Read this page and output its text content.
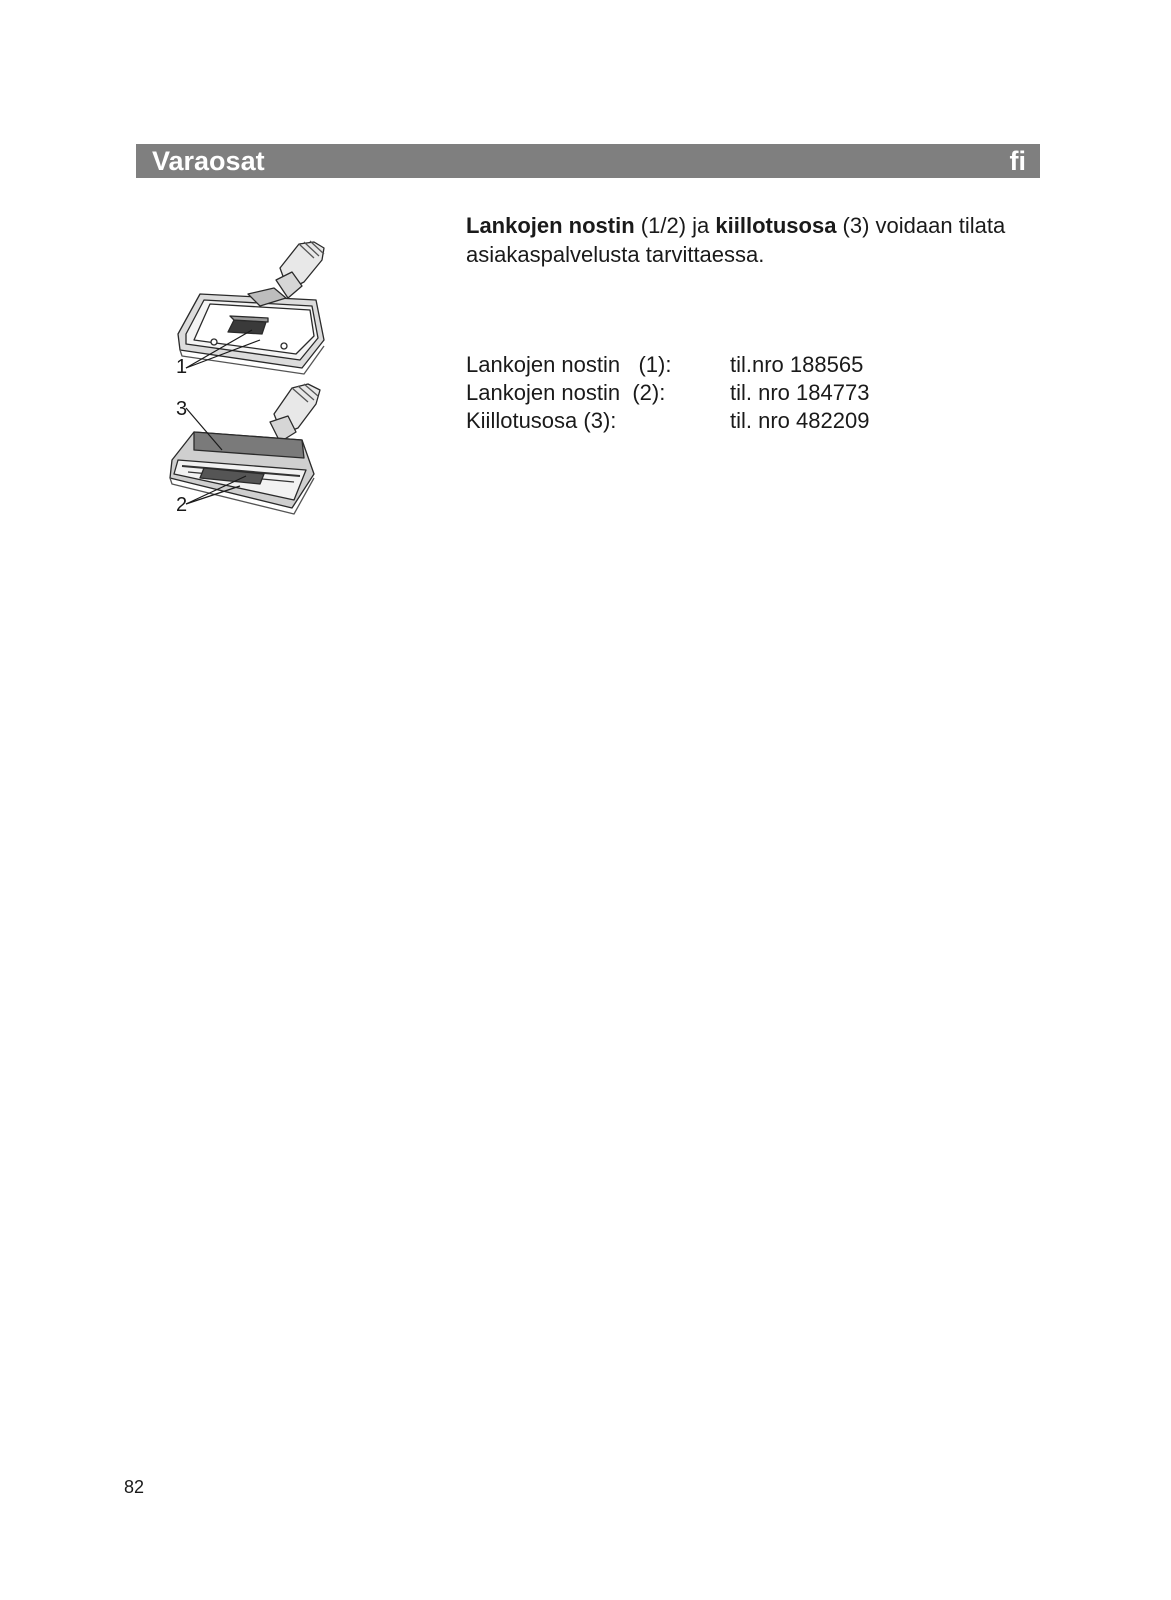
Varaosat	fi
1
3
2

Lankojen nostin (1/2) ja kiillotusosa (3) voidaan tilata asiakaspalvelusta tarvittaessa.

Lankojen nostin   (1):	til.nro 188565
Lankojen nostin  (2):	til. nro 184773
Kiillotusosa (3):	til. nro 482209
82
